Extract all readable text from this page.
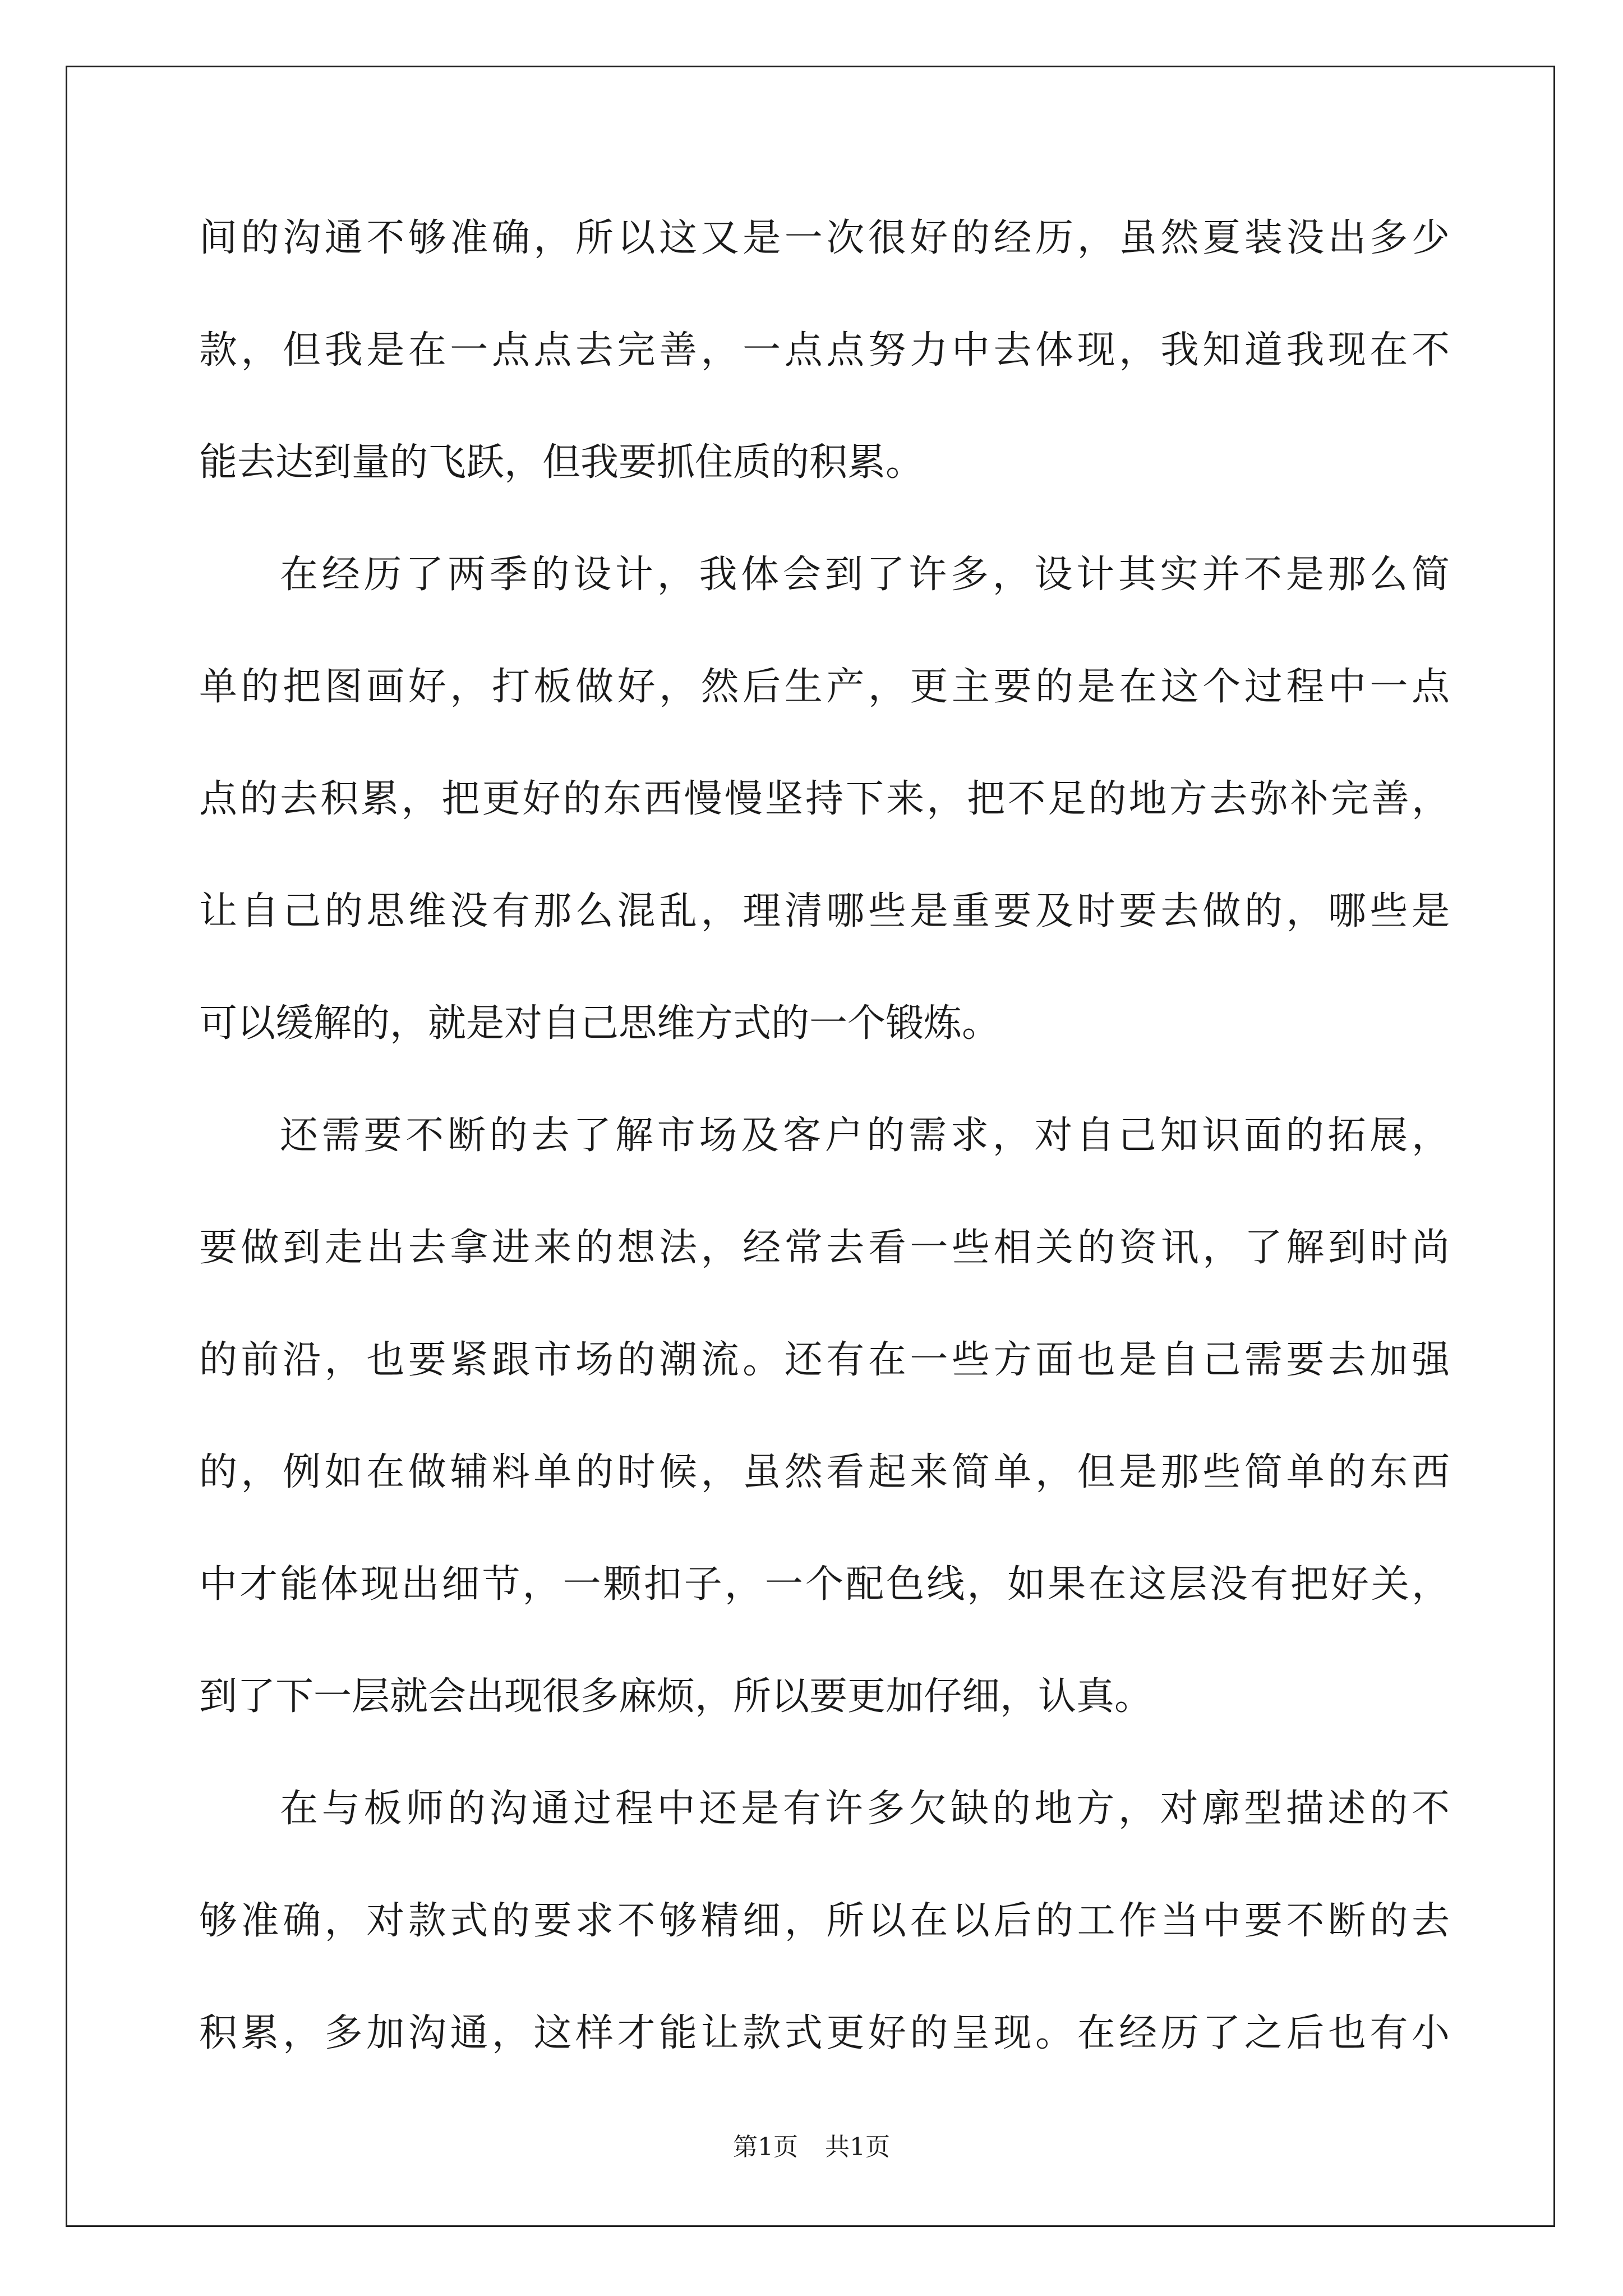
间的沟通不够准确，所以这又是一次很好的经历，虽然夏装没出多少
款，但我是在一点点去完善，一点点努力中去体现，我知道我现在不
能去达到量的飞跃，但我要抓住质的积累。
在经历了两季的设计，我体会到了许多，设计其实并不是那么简
单的把图画好，打板做好，然后生产，更主要的是在这个过程中一点
点的去积累，把更好的东西慢慢坚持下来，把不足的地方去弥补完善，
让自己的思维没有那么混乱，理清哪些是重要及时要去做的，哪些是
可以缓解的，就是对自己思维方式的一个锻炼。
还需要不断的去了解市场及客户的需求，对自己知识面的拓展，
要做到走出去拿进来的想法，经常去看一些相关的资讯，了解到时尚
的前沿，也要紧跟市场的潮流。还有在一些方面也是自己需要去加强
的，例如在做辅料单的时候，虽然看起来简单，但是那些简单的东西
中才能体现出细节，一颗扣子，一个配色线，如果在这层没有把好关，
到了下一层就会出现很多麻烦，所以要更加仔细，认真。
在与板师的沟通过程中还是有许多欠缺的地方，对廓型描述的不
够准确，对款式的要求不够精细，所以在以后的工作当中要不断的去
积累，多加沟通，这样才能让款式更好的呈现。在经历了之后也有小
第1页 共1页
